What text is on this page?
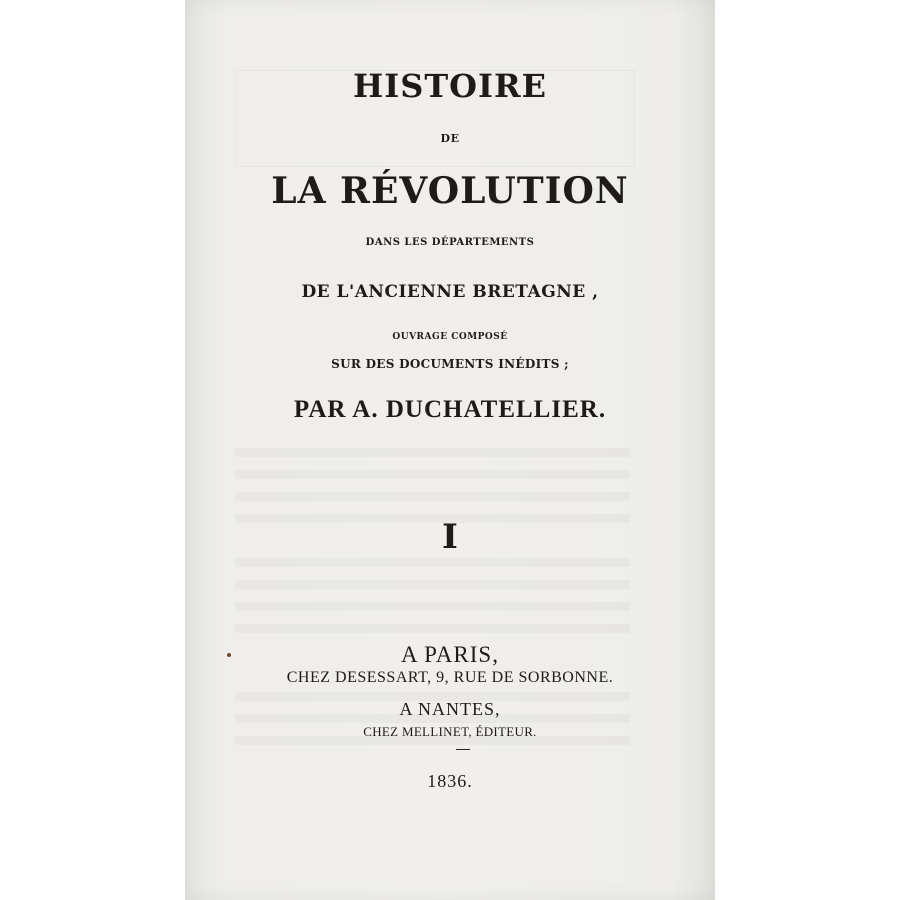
HISTOIRE
DE
LA RÉVOLUTION
DANS LES DÉPARTEMENTS
DE L'ANCIENNE BRETAGNE ,
OUVRAGE COMPOSÉ
SUR DES DOCUMENTS INÉDITS ;
PAR A. DUCHATELLIER.
I
A PARIS,
CHEZ DESESSART, 9, RUE DE SORBONNE.
A NANTES,
CHEZ MELLINET, ÉDITEUR.
1836.
